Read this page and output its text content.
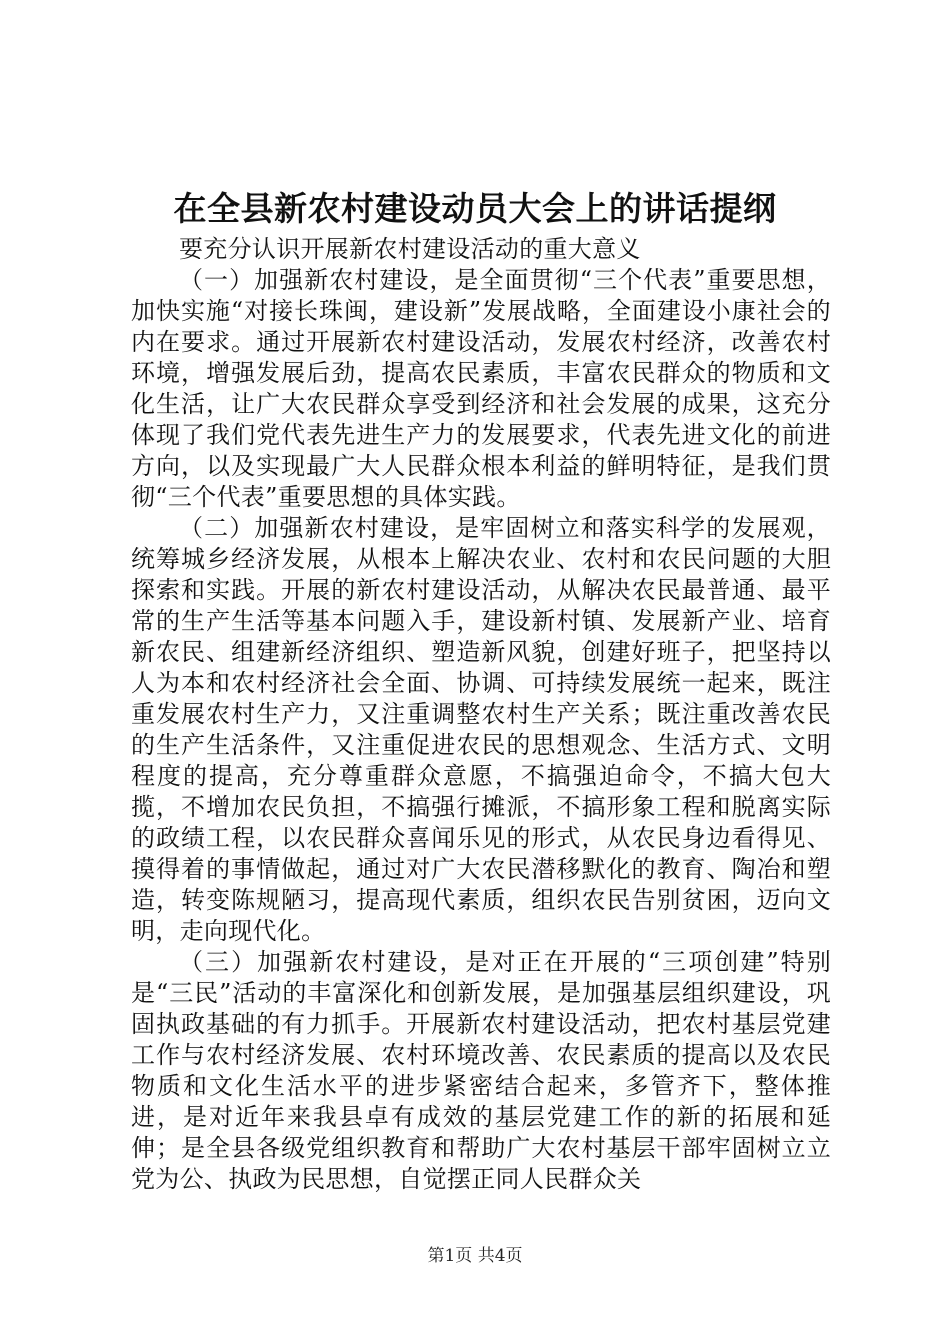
在全县新农村建设动员大会上的讲话提纲

要充分认识开展新农村建设活动的重大意义

（一）加强新农村建设，是全面贯彻“三个代表”重要思想，加快实施“对接长珠闽，建设新”发展战略，全面建设小康社会的内在要求。通过开展新农村建设活动，发展农村经济，改善农村环境，增强发展后劲，提高农民素质，丰富农民群众的物质和文化生活，让广大农民群众享受到经济和社会发展的成果，这充分体现了我们党代表先进生产力的发展要求，代表先进文化的前进方向，以及实现最广大人民群众根本利益的鲜明特征，是我们贯彻“三个代表”重要思想的具体实践。

（二）加强新农村建设，是牢固树立和落实科学的发展观，统筹城乡经济发展，从根本上解决农业、农村和农民问题的大胆探索和实践。开展的新农村建设活动，从解决农民最普通、最平常的生产生活等基本问题入手，建设新村镇、发展新产业、培育新农民、组建新经济组织、塑造新风貌，创建好班子，把坚持以人为本和农村经济社会全面、协调、可持续发展统一起来，既注重发展农村生产力，又注重调整农村生产关系；既注重改善农民的生产生活条件，又注重促进农民的思想观念、生活方式、文明程度的提高，充分尊重群众意愿，不搞强迫命令，不搞大包大揽，不增加农民负担，不搞强行摊派，不搞形象工程和脱离实际的政绩工程，以农民群众喜闻乐见的形式，从农民身边看得见、摸得着的事情做起，通过对广大农民潜移默化的教育、陶冶和塑造，转变陈规陋习，提高现代素质，组织农民告别贫困，迈向文明，走向现代化。

（三）加强新农村建设，是对正在开展的“三项创建”特别是“三民”活动的丰富深化和创新发展，是加强基层组织建设，巩固执政基础的有力抓手。开展新农村建设活动，把农村基层党建工作与农村经济发展、农村环境改善、农民素质的提高以及农民物质和文化生活水平的进步紧密结合起来，多管齐下，整体推进，是对近年来我县卓有成效的基层党建工作的新的拓展和延伸；是全县各级党组织教育和帮助广大农村基层干部牢固树立立党为公、执政为民思想，自觉摆正同人民群众关

第1页 共4页
